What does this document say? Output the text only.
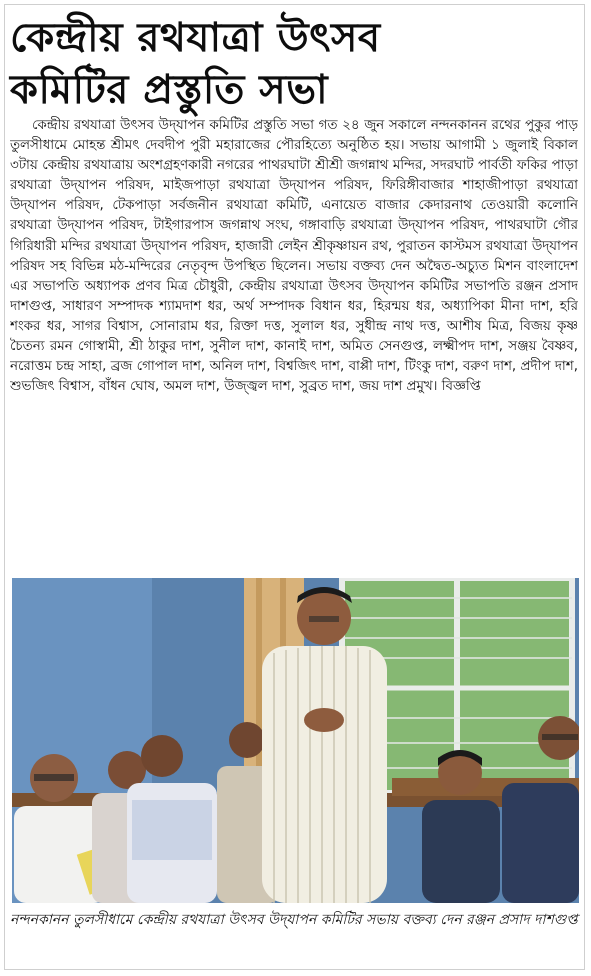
কেন্দ্রীয় রথযাত্রা উৎসব
কমিটির প্রস্তুতি সভা

কেন্দ্রীয় রথযাত্রা উৎসব উদ্‌যাপন কমিটির প্রস্তুতি সভা গত ২৪ জুন সকালে নন্দনকানন রথের পুকুর পাড় তুলসীধামে মোহন্ত শ্রীমৎ দেবদীপ পুরী মহারাজের পৌরহিত্যে অনুষ্ঠিত হয়। সভায় আগামী ১ জুলাই বিকাল ৩টায় কেন্দ্রীয় রথযাত্রায় অংশগ্রহণকারী নগরের পাথরঘাটা শ্রীশ্রী জগন্নাথ মন্দির, সদরঘাট পার্বতী ফকির পাড়া রথযাত্রা উদ্‌যাপন পরিষদ, মাইজপাড়া রথযাত্রা উদ্‌যাপন পরিষদ, ফিরিঙ্গীবাজার শাহাজীপাড়া রথযাত্রা উদ্‌যাপন পরিষদ, টেকপাড়া সর্বজনীন রথযাত্রা কমিটি, এনায়েত বাজার কেদারনাথ তেওয়ারী কলোনি রথযাত্রা উদ্‌যাপন পরিষদ, টাইগারপাস জগন্নাথ সংঘ, গঙ্গাবাড়ি রথযাত্রা উদ্‌যাপন পরিষদ, পাথরঘাটা গৌর গিরিধারী মন্দির রথযাত্রা উদ্‌যাপন পরিষদ, হাজারী লেইন শ্রীকৃষ্ণায়ন রথ, পুরাতন কাস্টমস রথযাত্রা উদ্‌যাপন পরিষদ সহ বিভিন্ন মঠ-মন্দিরের নেতৃবৃন্দ উপস্থিত ছিলেন। সভায় বক্তব্য দেন অদ্বৈত-অচ্যুত মিশন বাংলাদেশ এর সভাপতি অধ্যাপক প্রণব মিত্র চৌধুরী, কেন্দ্রীয় রথযাত্রা উৎসব উদ্‌যাপন কমিটির সভাপতি রঞ্জন প্রসাদ দাশগুপ্ত, সাধারণ সম্পাদক শ্যামদাশ ধর, অর্থ সম্পাদক বিধান ধর, হিরন্ময় ধর, অধ্যাপিকা মীনা দাশ, হরি শংকর ধর, সাগর বিশ্বাস, সোনারাম ধর, রিক্তা দত্ত, সুলাল ধর, সুধীন্দ্র নাথ দত্ত, আশীষ মিত্র, বিজয় কৃষ্ণ চৈতন্য রমন গোস্বামী, শ্রী ঠাকুর দাশ, সুনীল দাশ, কানাই দাশ, অমিত সেনগুপ্ত, লক্ষ্মীপদ দাশ, সঞ্জয় বৈষ্ণব, নরোত্তম চন্দ্র সাহা, ব্রজ গোপাল দাশ, অনিল দাশ, বিশ্বজিৎ দাশ, বাপ্পী দাশ, টিংকু দাশ, বরুণ দাশ, প্রদীপ দাশ, শুভজিৎ বিশ্বাস, বাঁধন ঘোষ, অমল দাশ, উজ্জ্বল দাশ, সুব্রত দাশ, জয় দাশ প্রমুখ। বিজ্ঞপ্তি

নন্দনকানন তুলসীধামে কেন্দ্রীয় রথযাত্রা উৎসব উদ্‌যাপন কমিটির সভায় বক্তব্য দেন রঞ্জন প্রসাদ দাশগুপ্ত
